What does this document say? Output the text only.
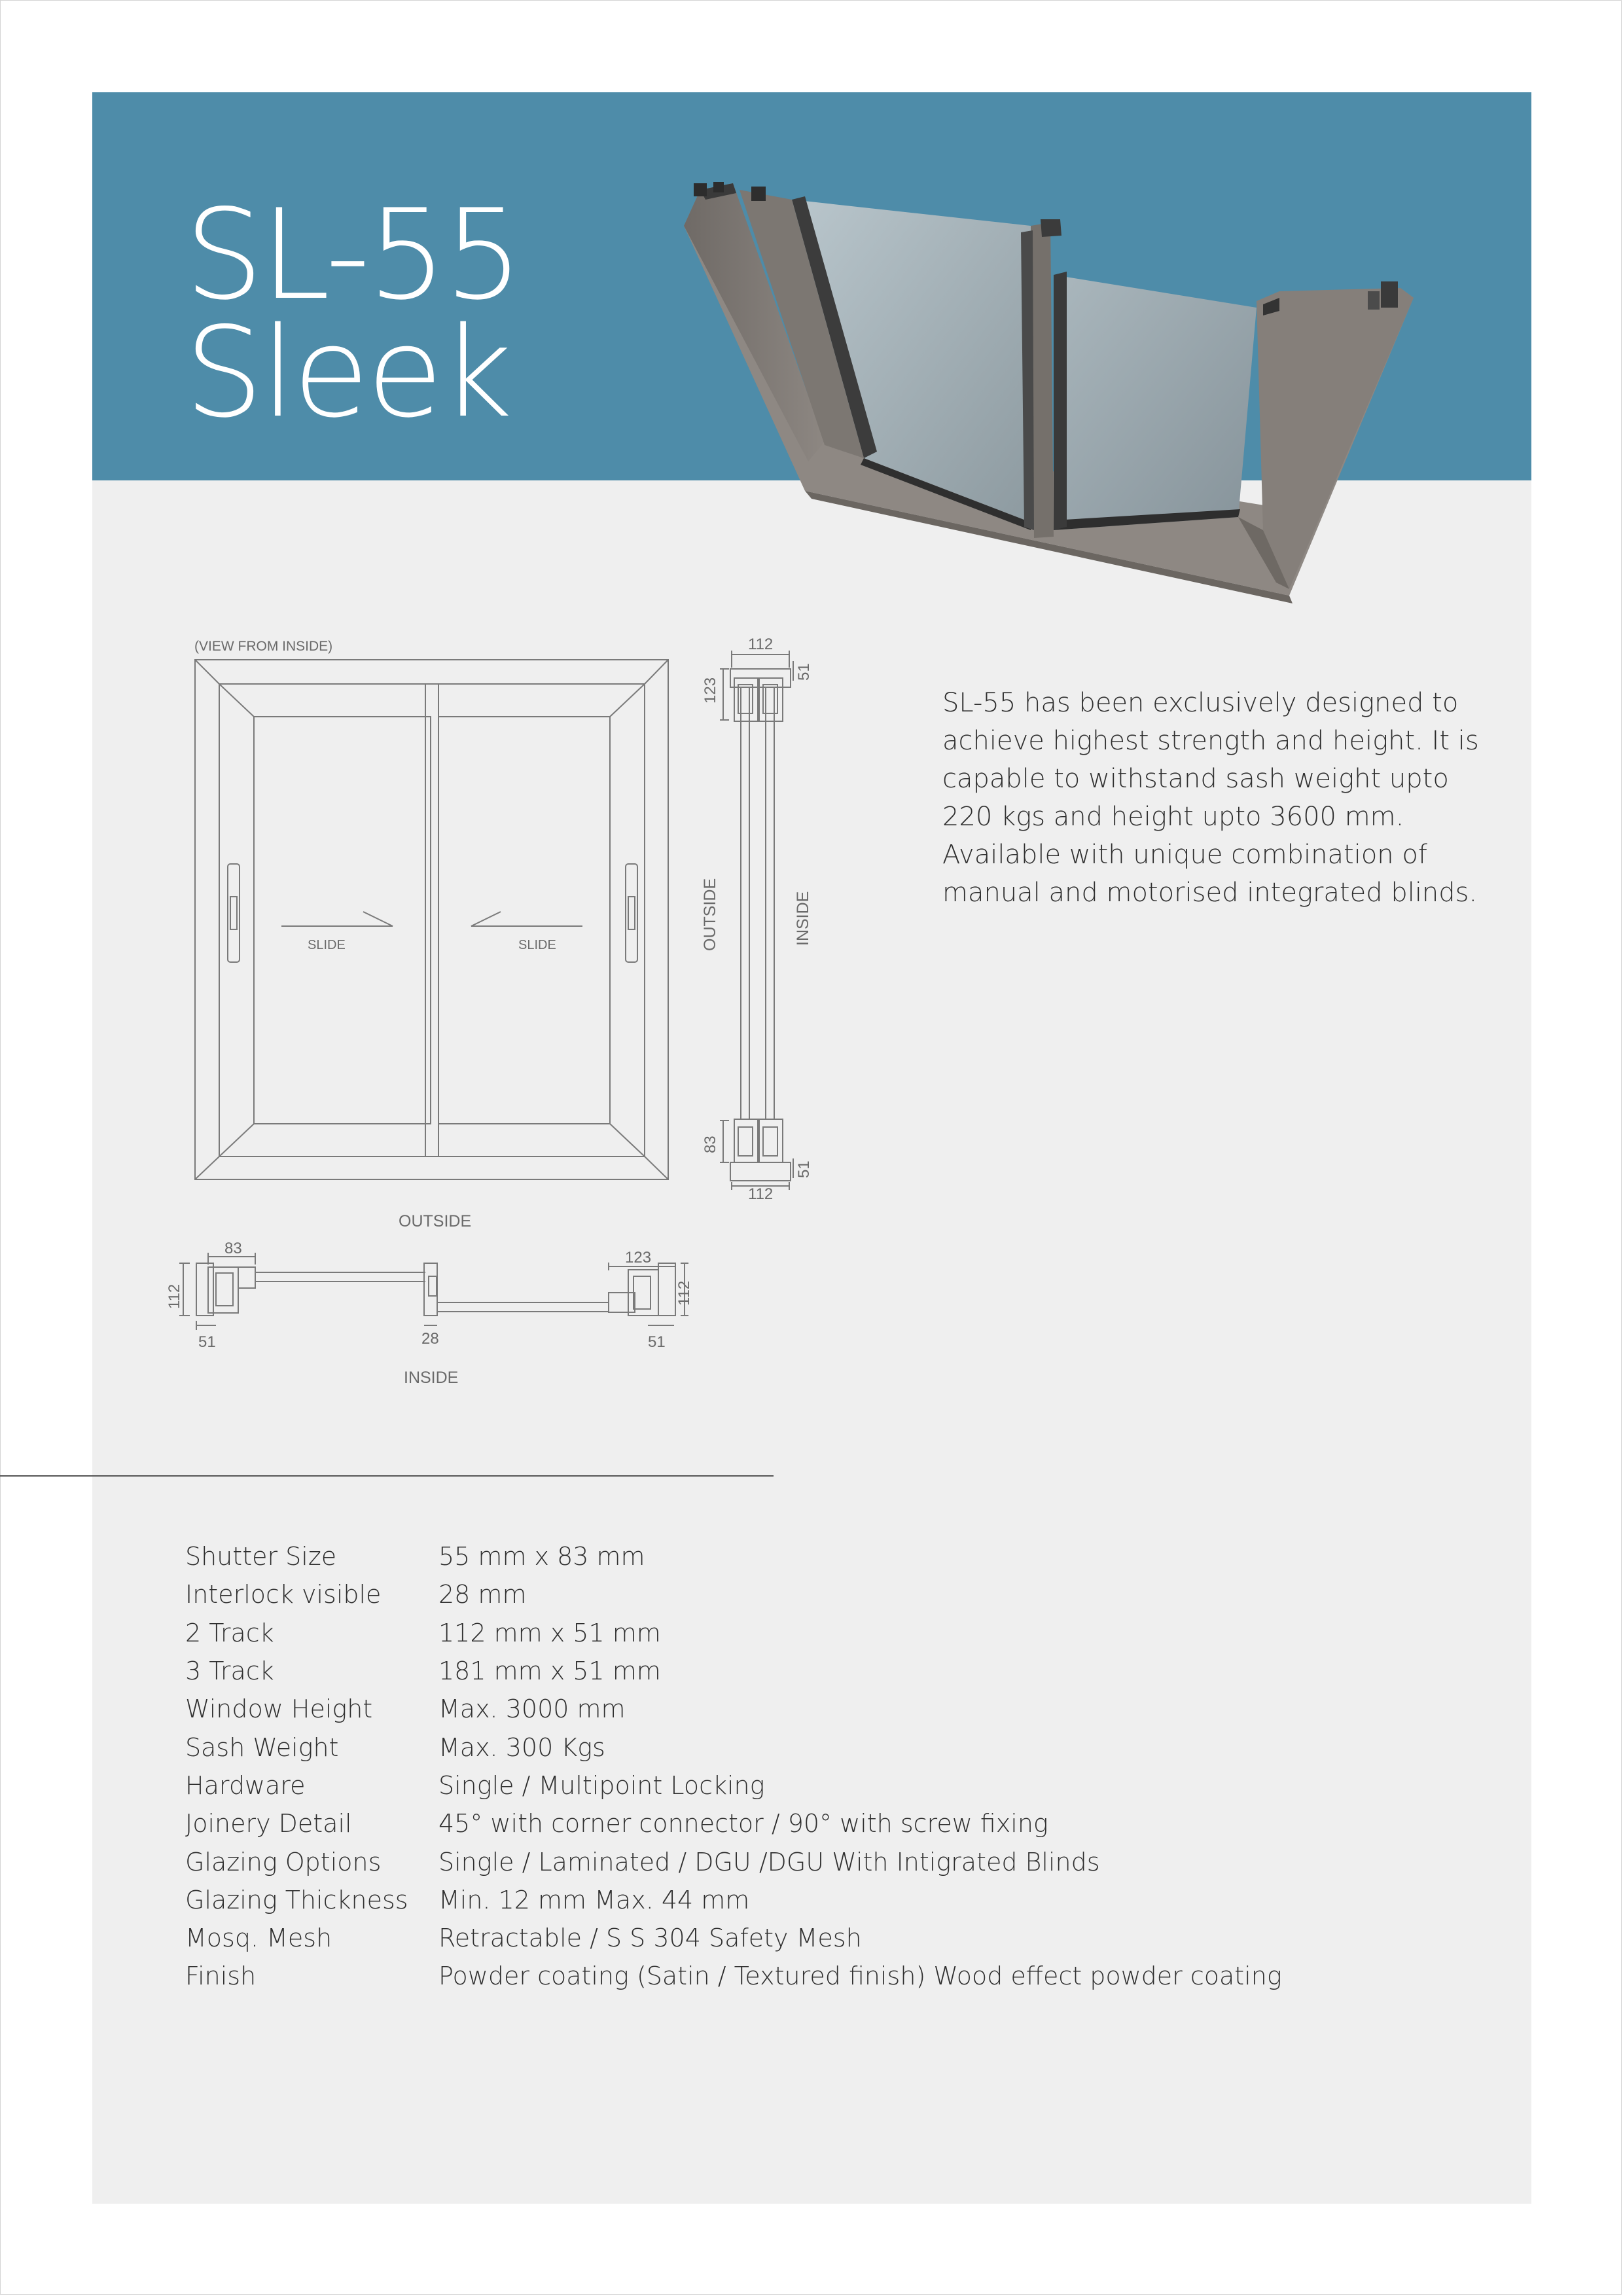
SL-55
Sleek
(VIEW FROM INSIDE)
SLIDE	SLIDE
OUTSIDE
INSIDE
OUTSIDE	INSIDE
112
51
123
83
51
112
83
112
51	28
123
112
51
SL-55 has been exclusively designed to achieve highest strength and height. It is capable to withstand sash weight upto 220 kgs and height upto 3600 mm. Available with unique combination of manual and motorised integrated blinds.
Shutter Size	55 mm x 83 mm
Interlock visible	28 mm
2 Track	112 mm x 51 mm
3 Track	181 mm x 51 mm
Window Height	Max. 3000 mm
Sash Weight	Max. 300 Kgs
Hardware	Single / Multipoint Locking
Joinery Detail	45° with corner connector / 90° with screw fixing
Glazing Options	Single / Laminated / DGU /DGU With Intigrated Blinds
Glazing Thickness	Min. 12 mm Max. 44 mm
Mosq. Mesh	Retractable / S S 304 Safety Mesh
Finish	Powder coating (Satin / Textured finish) Wood effect powder coating
